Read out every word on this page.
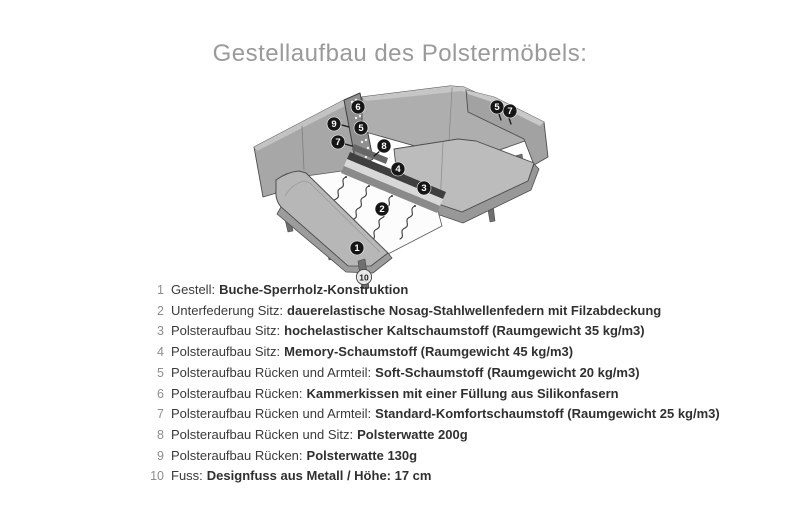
Gestellaufbau des Polstermöbels:
6
9 5
7	8
5 7
4
3
2
1
10
1 Gestell: Buche-Sperrholz-Konstruktion
2 Unterfederung Sitz: dauerelastische Nosag-Stahlwellenfedern mit Filzabdeckung
3 Polsteraufbau Sitz: hochelastischer Kaltschaumstoff (Raumgewicht 35 kg/m3)
4 Polsteraufbau Sitz: Memory-Schaumstoff (Raumgewicht 45 kg/m3)
5 Polsteraufbau Rücken und Armteil: Soft-Schaumstoff (Raumgewicht 20 kg/m3)
6 Polsteraufbau Rücken: Kammerkissen mit einer Füllung aus Silikonfasern
7 Polsteraufbau Rücken und Armteil: Standard-Komfortschaumstoff (Raumgewicht 25 kg/m3)
8 Polsteraufbau Rücken und Sitz: Polsterwatte 200g
9 Polsteraufbau Rücken: Polsterwatte 130g
10 Fuss: Designfuss aus Metall / Höhe: 17 cm
